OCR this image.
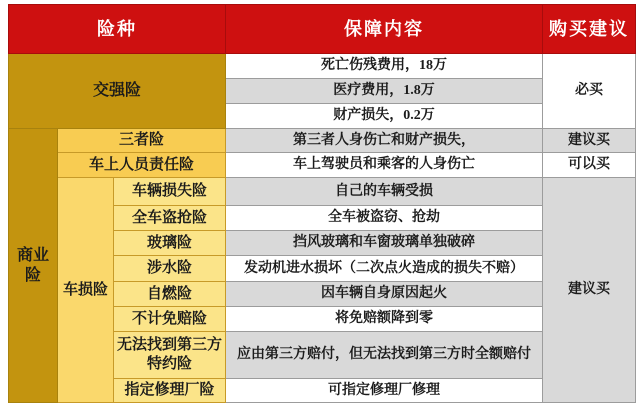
险种			保障内容	购买建议
交强险			死亡伤残费用，18万	必买
			医疗费用，1.8万	
			财产损失，0.2万	
商业险	三者险		第三者人身伤亡和财产损失，	建议买
	车上人员责任险		车上驾驶员和乘客的人身伤亡	可以买
	车损险	车辆损失险	自己的车辆受损	建议买
		全车盗抢险	全车被盗窃、抢劫	
		玻璃险	挡风玻璃和车窗玻璃单独破碎	
		涉水险	发动机进水损坏（二次点火造成的损失不赔）	
		自燃险	因车辆自身原因起火	
		不计免赔险	将免赔额降到零	
		无法找到第三方特约险	应由第三方赔付，但无法找到第三方时全额赔付	
		指定修理厂险	可指定修理厂修理	
